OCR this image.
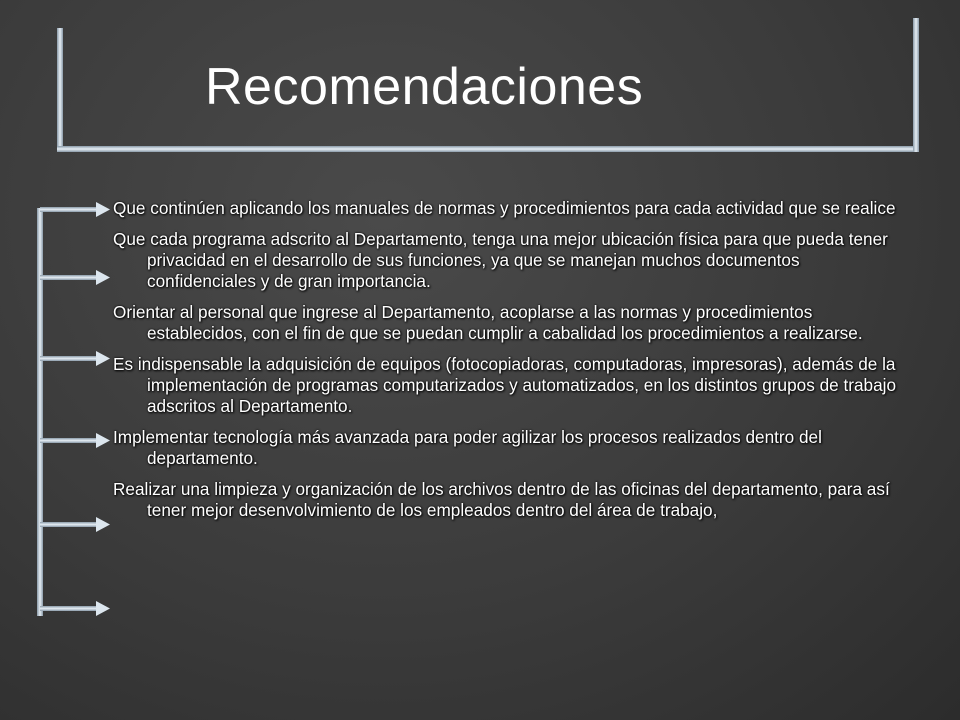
Recomendaciones
Que continúen aplicando los manuales de normas y procedimientos para cada actividad que se realice
Que cada programa adscrito al Departamento, tenga una mejor ubicación física para que pueda tener privacidad en el desarrollo de sus funciones, ya que se manejan muchos documentos confidenciales y de gran importancia.
Orientar al personal que ingrese al Departamento, acoplarse a las normas y procedimientos establecidos, con el fin de que se puedan cumplir a cabalidad los procedimientos a realizarse.
Es indispensable la adquisición de equipos (fotocopiadoras, computadoras, impresoras), además de la implementación de programas computarizados y automatizados, en los distintos grupos de trabajo adscritos al Departamento.
Implementar tecnología más avanzada para poder agilizar los procesos realizados dentro del departamento.
Realizar una limpieza y organización de los archivos dentro de las oficinas del departamento, para así tener mejor desenvolvimiento de los empleados dentro del área de trabajo,
